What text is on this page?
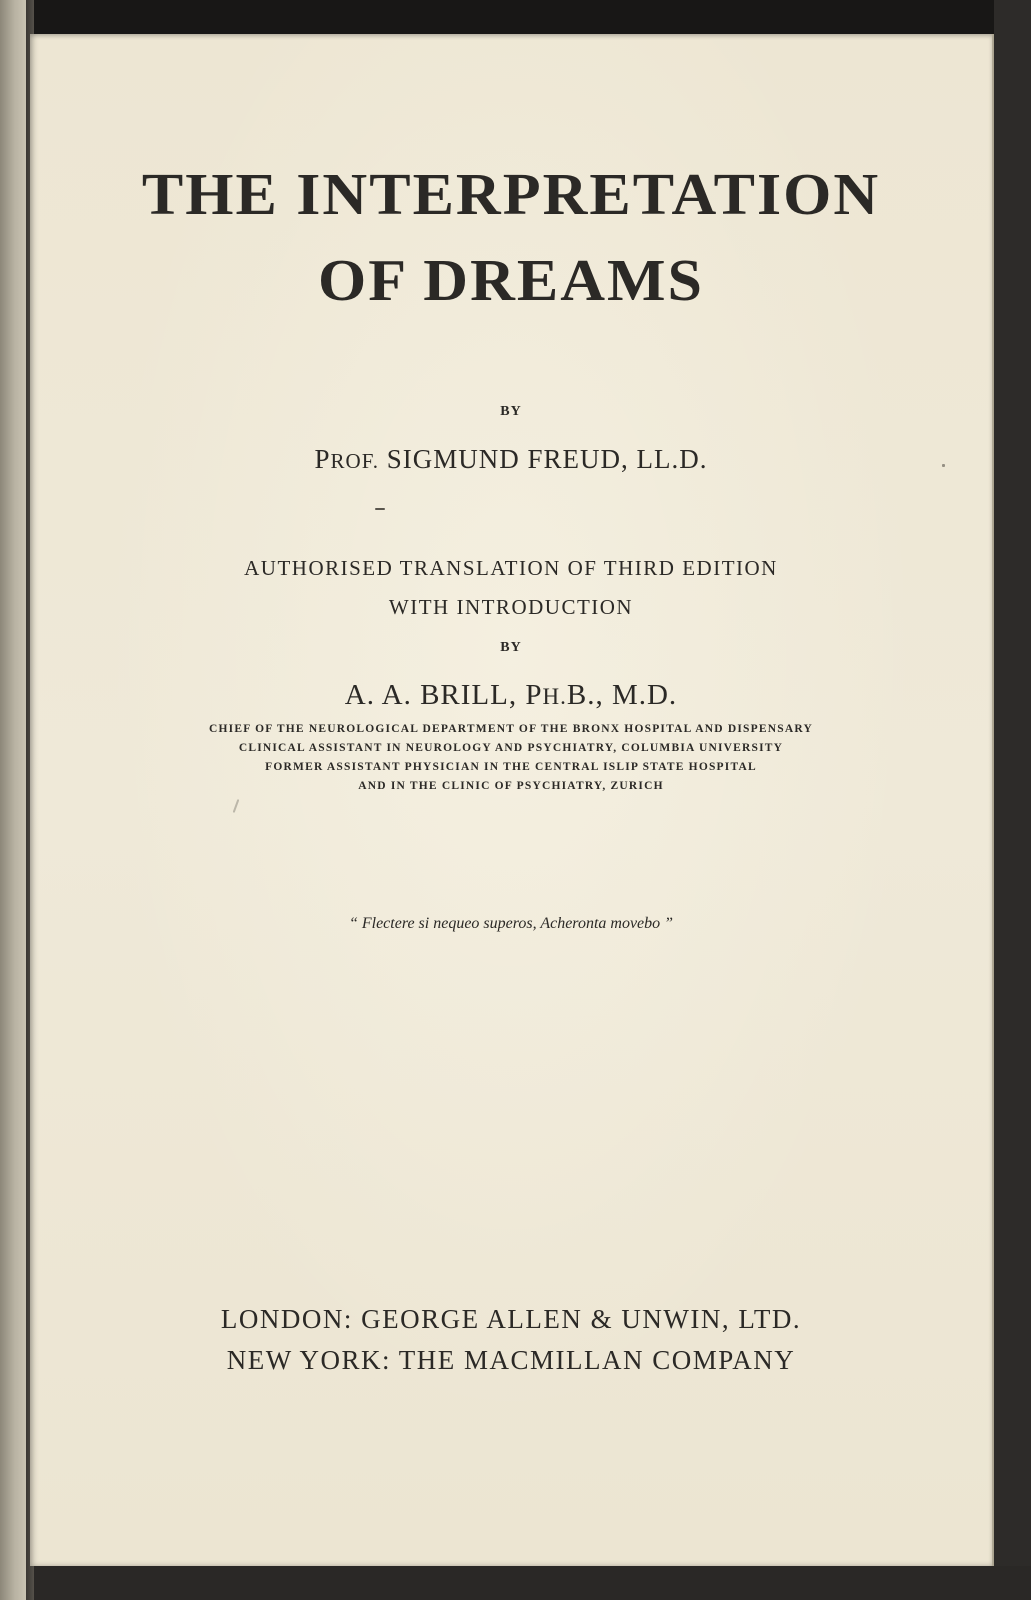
THE INTERPRETATION
OF DREAMS
BY
PROF. SIGMUND FREUD, LL.D.
AUTHORISED TRANSLATION OF THIRD EDITION
WITH INTRODUCTION
BY
A. A. BRILL, PH.B., M.D.
CHIEF OF THE NEUROLOGICAL DEPARTMENT OF THE BRONX HOSPITAL AND DISPENSARY
CLINICAL ASSISTANT IN NEUROLOGY AND PSYCHIATRY, COLUMBIA UNIVERSITY
FORMER ASSISTANT PHYSICIAN IN THE CENTRAL ISLIP STATE HOSPITAL
AND IN THE CLINIC OF PSYCHIATRY, ZURICH
“ Flectere si nequeo superos, Acheronta movebo ”
LONDON: GEORGE ALLEN & UNWIN, LTD.
NEW YORK: THE MACMILLAN COMPANY
